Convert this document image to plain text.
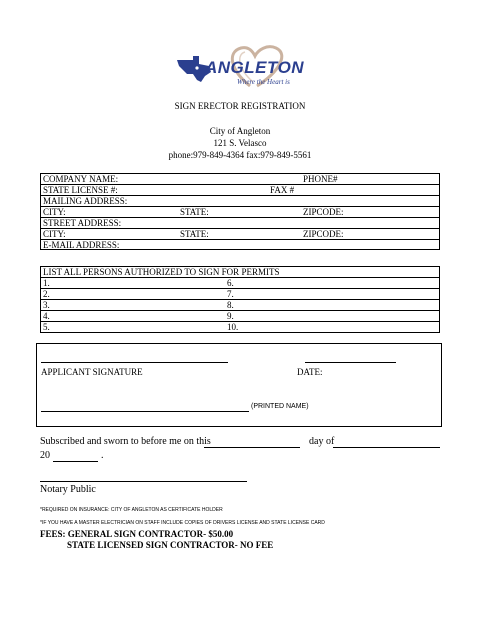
ANGLETON
Where the Heart is
SIGN ERECTOR REGISTRATION
City of Angleton
121 S. Velasco
phone:979-849-4364 fax:979-849-5561
COMPANY NAME:	PHONE#
STATE LICENSE #:	FAX #
MAILING ADDRESS:
CITY:	STATE:	ZIPCODE:
STREET ADDRESS:
CITY:	STATE:	ZIPCODE:
E-MAIL ADDRESS:
LIST ALL PERSONS AUTHORIZED TO SIGN FOR PERMITS
1.	6.
2.	7.
3.	8.
4.	9.
5.	10.
APPLICANT SIGNATURE	DATE:
(PRINTED NAME)
Subscribed and sworn to before me on this	day of
20	.
Notary Public
*REQUIRED ON INSURANCE: CITY OF ANGLETON AS CERTIFICATE HOLDER
*IF YOU HAVE A MASTER ELECTRICIAN ON STAFF INCLUDE COPIES OF DRIVERS LICENSE AND STATE LICENSE CARD
FEES: GENERAL SIGN CONTRACTOR- $50.00
STATE LICENSED SIGN CONTRACTOR- NO FEE
